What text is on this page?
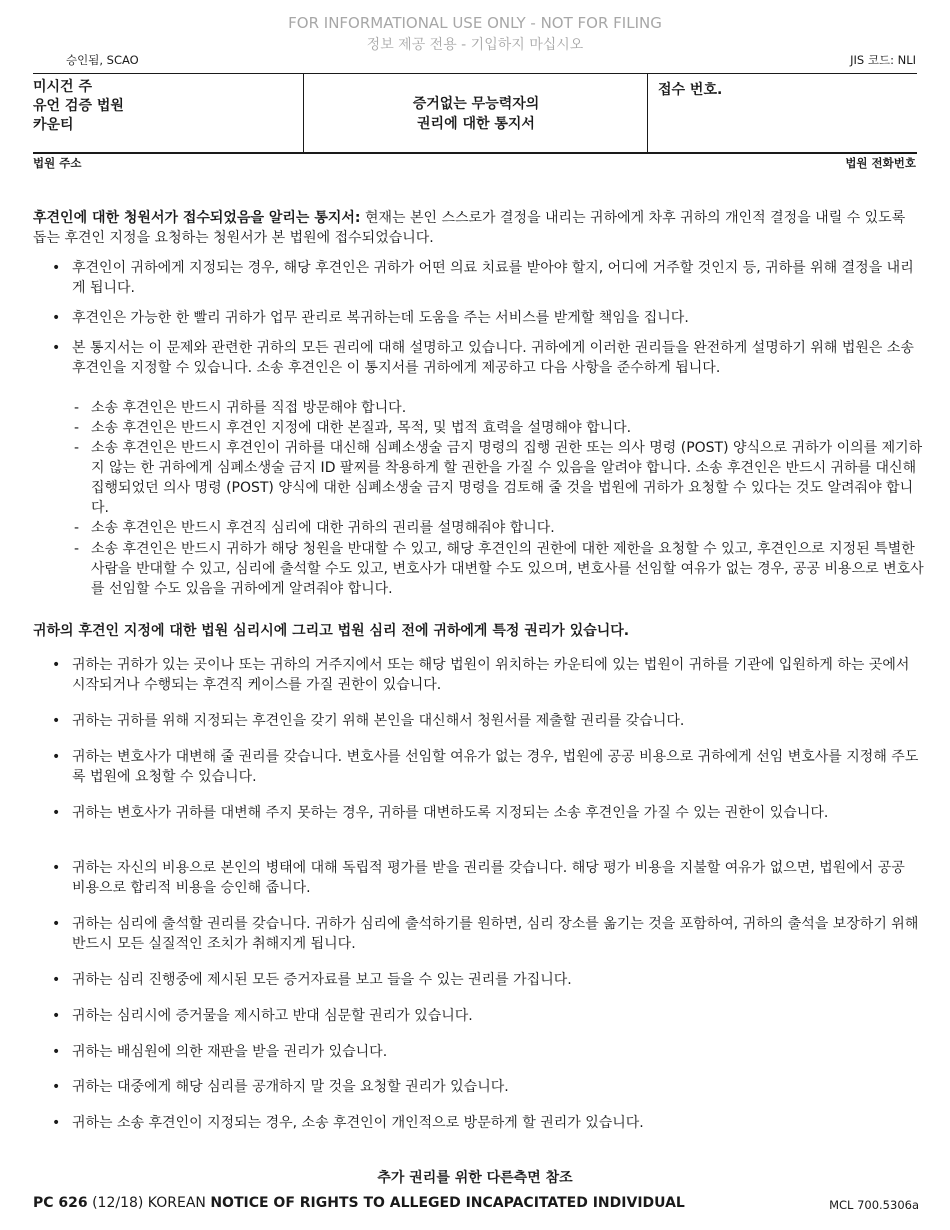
FOR INFORMATIONAL USE ONLY - NOT FOR FILING
정보 제공 전용 - 기입하지 마십시오
승인됨, SCAO	JIS 코드: NLI
미시건 주
유언 검증 법원
카운티
증거없는 무능력자의
권리에 대한 통지서
접수 번호.
법원 주소	법원 전화번호
후견인에 대한 청원서가 접수되었음을 알리는 통지서: 현재는 본인 스스로가 결정을 내리는 귀하에게 차후 귀하의 개인적 결정을 내릴 수 있도록 돕는 후견인 지정을 요청하는 청원서가 본 법원에 접수되었습니다.
• 후견인이 귀하에게 지정되는 경우, 해당 후견인은 귀하가 어떤 의료 치료를 받아야 할지, 어디에 거주할 것인지 등, 귀하를 위해 결정을 내리게 됩니다.
• 후견인은 가능한 한 빨리 귀하가 업무 관리로 복귀하는데 도움을 주는 서비스를 받게할 책임을 집니다.
• 본 통지서는 이 문제와 관련한 귀하의 모든 권리에 대해 설명하고 있습니다. 귀하에게 이러한 권리들을 완전하게 설명하기 위해 법원은 소송 후견인을 지정할 수 있습니다. 소송 후견인은 이 통지서를 귀하에게 제공하고 다음 사항을 준수하게 됩니다.
- 소송 후견인은 반드시 귀하를 직접 방문해야 합니다.
- 소송 후견인은 반드시 후견인 지정에 대한 본질과, 목적, 및 법적 효력을 설명해야 합니다.
- 소송 후견인은 반드시 후견인이 귀하를 대신해 심폐소생술 금지 명령의 집행 권한 또는 의사 명령 (POST) 양식으로 귀하가 이의를 제기하지 않는 한 귀하에게 심폐소생술 금지 ID 팔찌를 착용하게 할 권한을 가질 수 있음을 알려야 합니다. 소송 후견인은 반드시 귀하를 대신해 집행되었던 의사 명령 (POST) 양식에 대한 심폐소생술 금지 명령을 검토해 줄 것을 법원에 귀하가 요청할 수 있다는 것도 알려줘야 합니다.
- 소송 후견인은 반드시 후견직 심리에 대한 귀하의 권리를 설명해줘야 합니다.
- 소송 후견인은 반드시 귀하가 해당 청원을 반대할 수 있고, 해당 후견인의 권한에 대한 제한을 요청할 수 있고, 후견인으로 지정된 특별한 사람을 반대할 수 있고, 심리에 출석할 수도 있고, 변호사가 대변할 수도 있으며, 변호사를 선임할 여유가 없는 경우, 공공 비용으로 변호사를 선임할 수도 있음을 귀하에게 알려줘야 합니다.
귀하의 후견인 지정에 대한 법원 심리시에 그리고 법원 심리 전에 귀하에게 특정 권리가 있습니다.
• 귀하는 귀하가 있는 곳이나 또는 귀하의 거주지에서 또는 해당 법원이 위치하는 카운티에 있는 법원이 귀하를 기관에 입원하게 하는 곳에서 시작되거나 수행되는 후견직 케이스를 가질 권한이 있습니다.
• 귀하는 귀하를 위해 지정되는 후견인을 갖기 위해 본인을 대신해서 청원서를 제출할 권리를 갖습니다.
• 귀하는 변호사가 대변해 줄 권리를 갖습니다. 변호사를 선임할 여유가 없는 경우, 법원에 공공 비용으로 귀하에게 선임 변호사를 지정해 주도록 법원에 요청할 수 있습니다.
• 귀하는 변호사가 귀하를 대변해 주지 못하는 경우, 귀하를 대변하도록 지정되는 소송 후견인을 가질 수 있는 권한이 있습니다.
• 귀하는 자신의 비용으로 본인의 병태에 대해 독립적 평가를 받을 권리를 갖습니다. 해당 평가 비용을 지불할 여유가 없으면, 법원에서 공공 비용으로 합리적 비용을 승인해 줍니다.
• 귀하는 심리에 출석할 권리를 갖습니다. 귀하가 심리에 출석하기를 원하면, 심리 장소를 옮기는 것을 포함하여, 귀하의 출석을 보장하기 위해 반드시 모든 실질적인 조치가 취해지게 됩니다.
• 귀하는 심리 진행중에 제시된 모든 증거자료를 보고 들을 수 있는 권리를 가집니다.
• 귀하는 심리시에 증거물을 제시하고 반대 심문할 권리가 있습니다.
• 귀하는 배심원에 의한 재판을 받을 권리가 있습니다.
• 귀하는 대중에게 해당 심리를 공개하지 말 것을 요청할 권리가 있습니다.
• 귀하는 소송 후견인이 지정되는 경우, 소송 후견인이 개인적으로 방문하게 할 권리가 있습니다.
추가 권리를 위한 다른측면 참조
PC 626 (12/18) KOREAN NOTICE OF RIGHTS TO ALLEGED INCAPACITATED INDIVIDUAL	MCL 700.5306a
